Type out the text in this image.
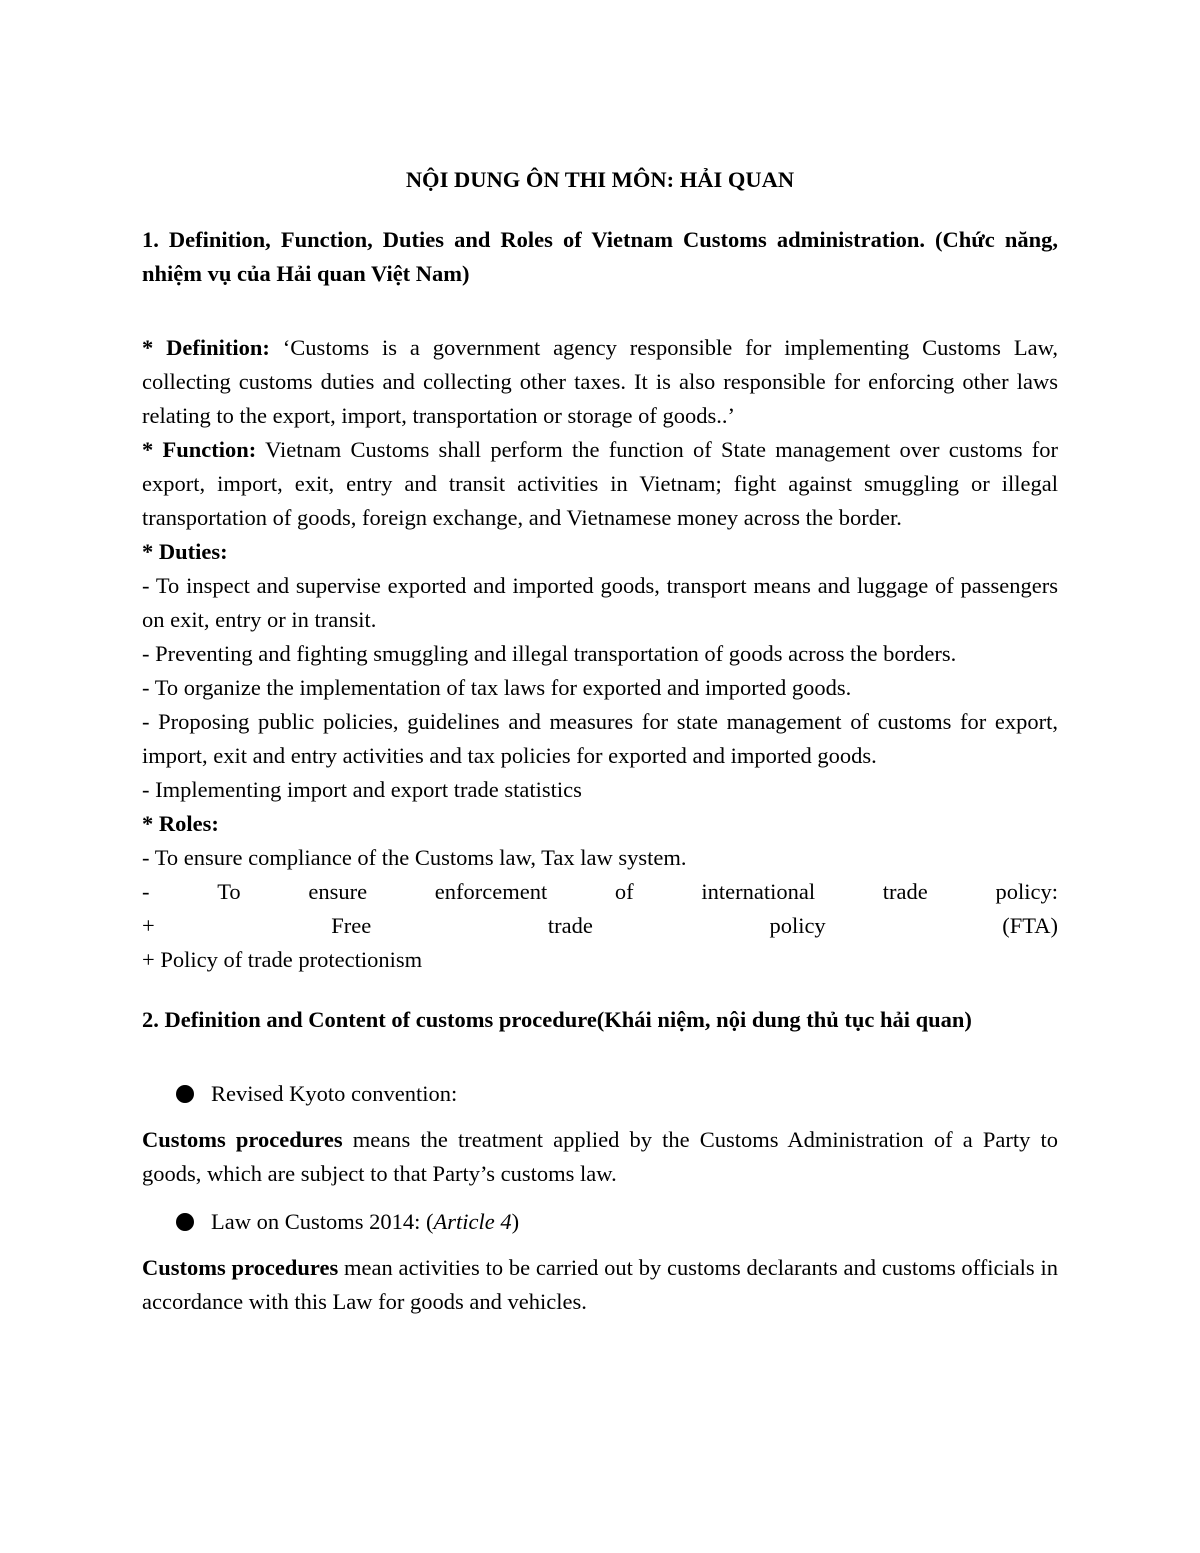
NỘI DUNG ÔN THI MÔN: HẢI QUAN

1. Definition, Function, Duties and Roles of Vietnam Customs administration. (Chức năng, nhiệm vụ của Hải quan Việt Nam)

* Definition: ‘Customs is a government agency responsible for implementing Customs Law, collecting customs duties and collecting other taxes. It is also responsible for enforcing other laws relating to the export, import, transportation or storage of goods..’

* Function: Vietnam Customs shall perform the function of State management over customs for export, import, exit, entry and transit activities in Vietnam; fight against smuggling or illegal transportation of goods, foreign exchange, and Vietnamese money across the border.

* Duties:

- To inspect and supervise exported and imported goods, transport means and luggage of passengers on exit, entry or in transit.

- Preventing and fighting smuggling and illegal transportation of goods across the borders.

- To organize the implementation of tax laws for exported and imported goods.

- Proposing public policies, guidelines and measures for state management of customs for export, import, exit and entry activities and tax policies for exported and imported goods.

- Implementing import and export trade statistics

* Roles:

- To ensure compliance of the Customs law, Tax law system.

-	To	ensure	enforcement	of	international	trade	policy:
+	Free	trade	policy	(FTA)

+ Policy of trade protectionism

2. Definition and Content of customs procedure(Khái niệm, nội dung thủ tục hải quan)

Revised Kyoto convention:

Customs procedures means the treatment applied by the Customs Administration of a Party to goods, which are subject to that Party’s customs law.

Law on Customs 2014: (Article 4)

Customs procedures mean activities to be carried out by customs declarants and customs officials in accordance with this Law for goods and vehicles.
